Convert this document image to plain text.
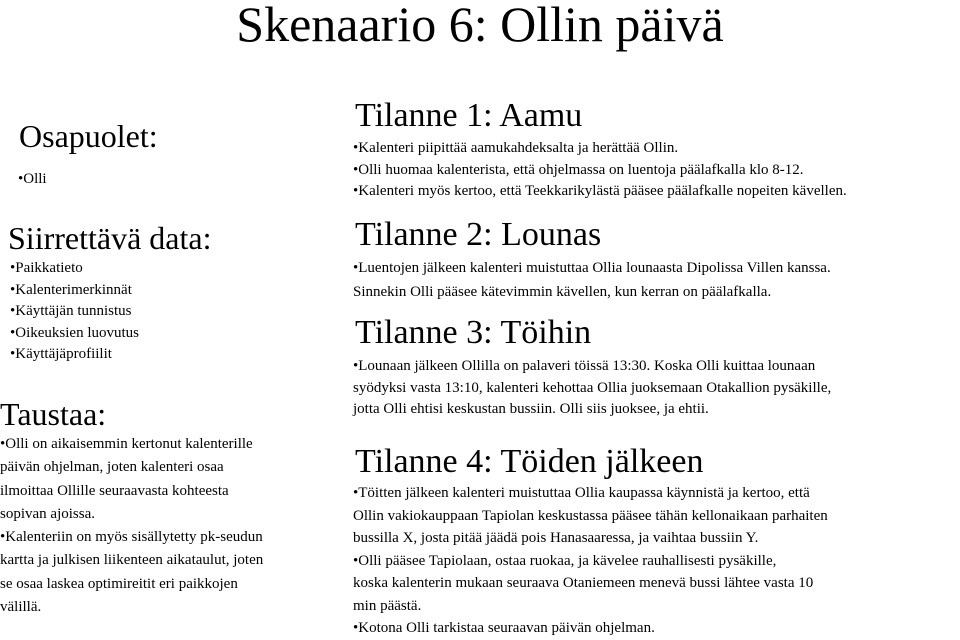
Skenaario 6: Ollin päivä
Osapuolet:
• Olli
Siirrettävä data:
• Paikkatieto
• Kalenterimerkinnät
• Käyttäjän tunnistus
• Oikeuksien luovutus
• Käyttäjäprofiilit
Taustaa:
• Olli on aikaisemmin kertonut kalenterille
päivän ohjelman, joten kalenteri osaa
ilmoittaa Ollille seuraavasta kohteesta
sopivan ajoissa.
• Kalenteriin on myös sisällytetty pk-seudun
kartta ja julkisen liikenteen aikataulut, joten
se osaa laskea optimireitit eri paikkojen
välillä.
Tilanne 1: Aamu
• Kalenteri piipittää aamukahdeksalta ja herättää Ollin.
• Olli huomaa kalenterista, että ohjelmassa on luentoja päälafkalla klo 8-12.
• Kalenteri myös kertoo, että Teekkarikylästä pääsee päälafkalle nopeiten kävellen.
Tilanne 2: Lounas
• Luentojen jälkeen kalenteri muistuttaa Ollia lounaasta Dipolissa Villen kanssa.
Sinnekin Olli pääsee kätevimmin kävellen, kun kerran on päälafkalla.
Tilanne 3: Töihin
• Lounaan jälkeen Ollilla on palaveri töissä 13:30. Koska Olli kuittaa lounaan
syödyksi vasta 13:10, kalenteri kehottaa Ollia juoksemaan Otakallion pysäkille,
jotta Olli ehtisi keskustan bussiin. Olli siis juoksee, ja ehtii.
Tilanne 4: Töiden jälkeen
• Töitten jälkeen kalenteri muistuttaa Ollia kaupassa käynnistä ja kertoo, että
Ollin vakiokauppaan Tapiolan keskustassa pääsee tähän kellonaikaan parhaiten
bussilla X, josta pitää jäädä pois Hanasaaressa, ja vaihtaa bussiin Y.
• Olli pääsee Tapiolaan, ostaa ruokaa, ja kävelee rauhallisesti pysäkille,
koska kalenterin mukaan seuraava Otaniemeen menevä bussi lähtee vasta 10
min päästä.
• Kotona Olli tarkistaa seuraavan päivän ohjelman.
